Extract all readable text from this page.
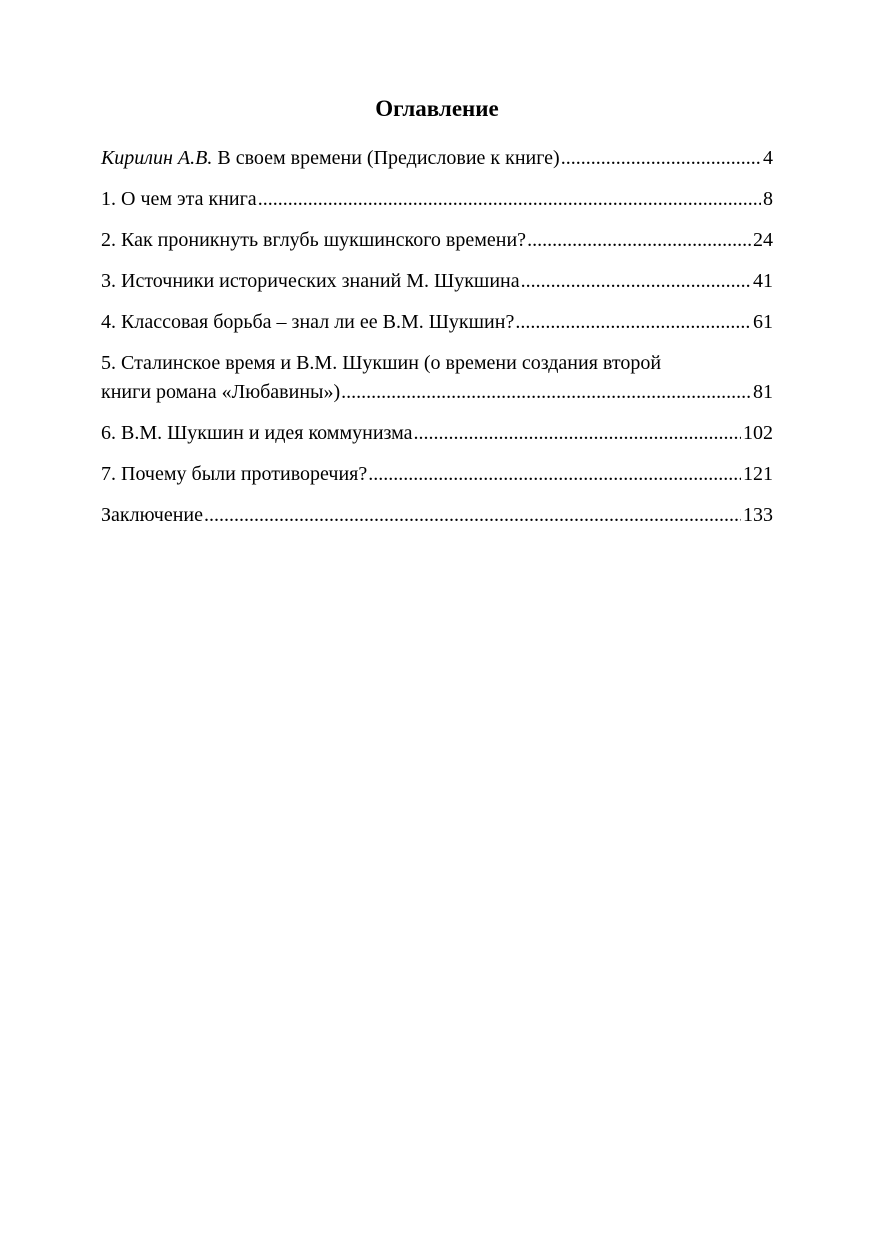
Оглавление
Кирилин А.В. В своем времени (Предисловие к книге) .....	4
1. О чем эта книга .....	8
2. Как проникнуть вглубь шукшинского времени? .....	24
3. Источники исторических знаний М. Шукшина .....	41
4. Классовая борьба – знал ли ее В.М. Шукшин? .....	61
5. Сталинское время и В.М. Шукшин (о времени создания второй
книги романа «Любавины») .....	81
6. В.М. Шукшин и идея коммунизма .....	102
7. Почему были противоречия? .....	121
Заключение .....	133
